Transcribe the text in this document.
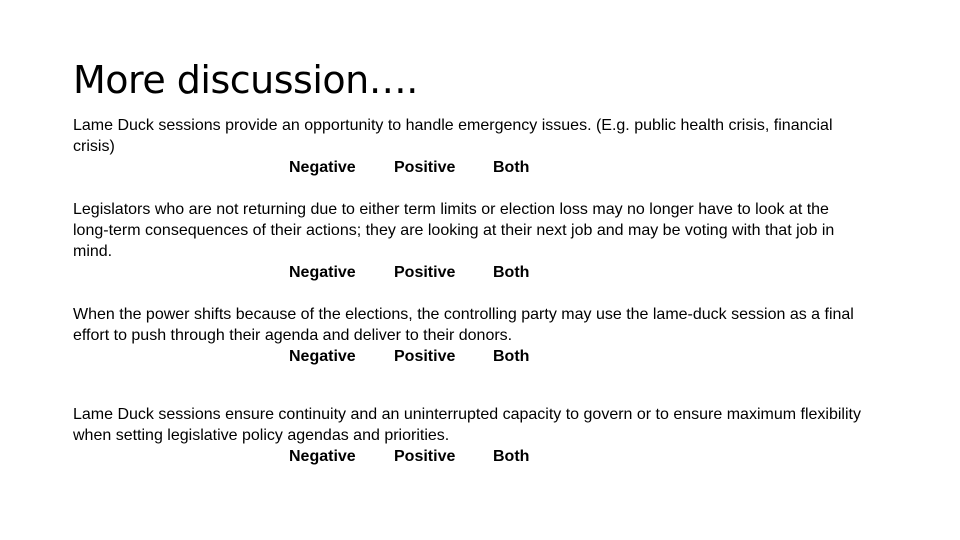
More discussion….

Lame Duck sessions provide an opportunity to handle emergency issues. (E.g. public health crisis, financial crisis)

Negative Positive Both

Legislators who are not returning due to either term limits or election loss may no longer have to look at the long-term consequences of their actions; they are looking at their next job and may be voting with that job in mind.

Negative Positive Both

When the power shifts because of the elections, the controlling party may use the lame-duck session as a final effort to push through their agenda and deliver to their donors.

Negative Positive Both

Lame Duck sessions ensure continuity and an uninterrupted capacity to govern or to ensure maximum flexibility when setting legislative policy agendas and priorities.

Negative Positive Both
